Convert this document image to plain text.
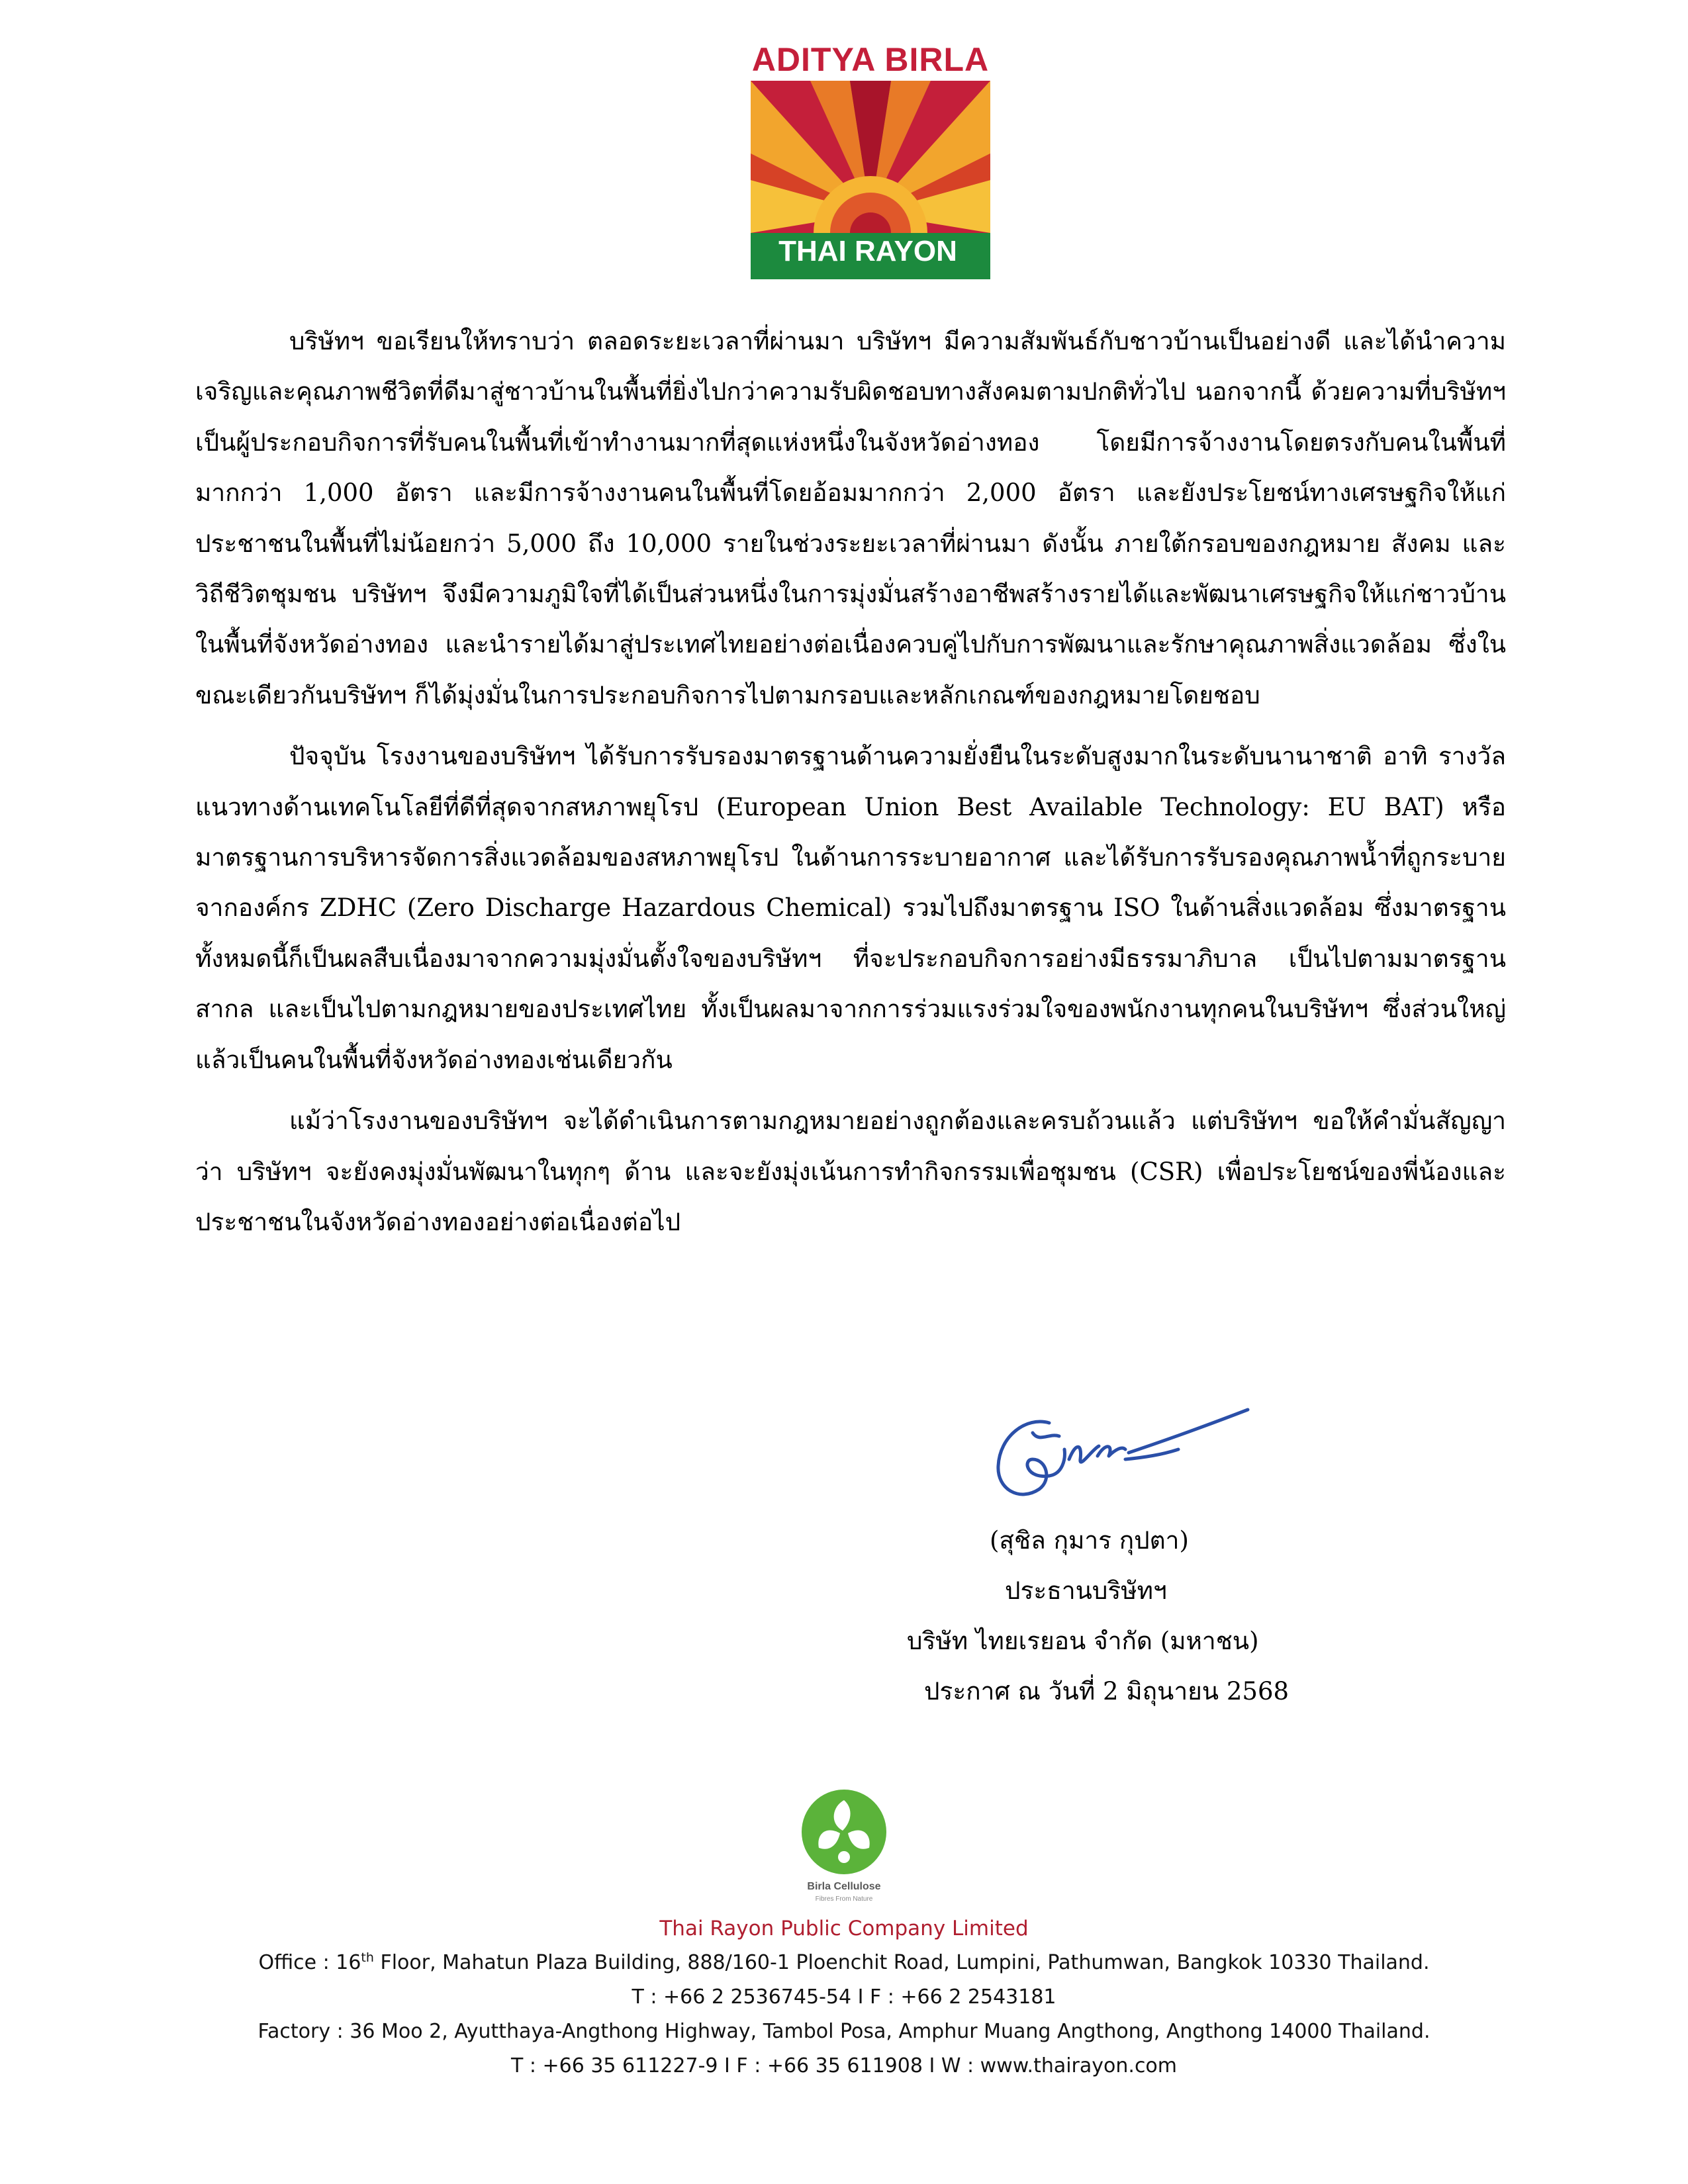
ADITYA BIRLA
THAI RAYON

บริษัทฯ ขอเรียนให้ทราบว่า ตลอดระยะเวลาที่ผ่านมา บริษัทฯ มีความสัมพันธ์กับชาวบ้านเป็นอย่างดี และได้นำความเจริญและคุณภาพชีวิตที่ดีมาสู่ชาวบ้านในพื้นที่ยิ่งไปกว่าความรับผิดชอบทางสังคมตามปกติทั่วไป นอกจากนี้ ด้วยความที่บริษัทฯ เป็นผู้ประกอบกิจการที่รับคนในพื้นที่เข้าทำงานมากที่สุดแห่งหนึ่งในจังหวัดอ่างทอง โดยมีการจ้างงานโดยตรงกับคนในพื้นที่มากกว่า 1,000 อัตรา และมีการจ้างงานคนในพื้นที่โดยอ้อมมากกว่า 2,000 อัตรา และยังประโยชน์ทางเศรษฐกิจให้แก่ประชาชนในพื้นที่ไม่น้อยกว่า 5,000 ถึง 10,000 รายในช่วงระยะเวลาที่ผ่านมา ดังนั้น ภายใต้กรอบของกฎหมาย สังคม และวิถีชีวิตชุมชน บริษัทฯ จึงมีความภูมิใจที่ได้เป็นส่วนหนึ่งในการมุ่งมั่นสร้างอาชีพสร้างรายได้และพัฒนาเศรษฐกิจให้แก่ชาวบ้านในพื้นที่จังหวัดอ่างทอง และนำรายได้มาสู่ประเทศไทยอย่างต่อเนื่องควบคู่ไปกับการพัฒนาและรักษาคุณภาพสิ่งแวดล้อม ซึ่งในขณะเดียวกันบริษัทฯ ก็ได้มุ่งมั่นในการประกอบกิจการไปตามกรอบและหลักเกณฑ์ของกฎหมายโดยชอบ

ปัจจุบัน โรงงานของบริษัทฯ ได้รับการรับรองมาตรฐานด้านความยั่งยืนในระดับสูงมากในระดับนานาชาติ อาทิ รางวัลแนวทางด้านเทคโนโลยีที่ดีที่สุดจากสหภาพยุโรป (European Union Best Available Technology: EU BAT) หรือมาตรฐานการบริหารจัดการสิ่งแวดล้อมของสหภาพยุโรป ในด้านการระบายอากาศ และได้รับการรับรองคุณภาพน้ำที่ถูกระบายจากองค์กร ZDHC (Zero Discharge Hazardous Chemical) รวมไปถึงมาตรฐาน ISO ในด้านสิ่งแวดล้อม ซึ่งมาตรฐานทั้งหมดนี้ก็เป็นผลสืบเนื่องมาจากความมุ่งมั่นตั้งใจของบริษัทฯ ที่จะประกอบกิจการอย่างมีธรรมาภิบาล เป็นไปตามมาตรฐานสากล และเป็นไปตามกฎหมายของประเทศไทย ทั้งเป็นผลมาจากการร่วมแรงร่วมใจของพนักงานทุกคนในบริษัทฯ ซึ่งส่วนใหญ่แล้วเป็นคนในพื้นที่จังหวัดอ่างทองเช่นเดียวกัน

แม้ว่าโรงงานของบริษัทฯ จะได้ดำเนินการตามกฎหมายอย่างถูกต้องและครบถ้วนแล้ว แต่บริษัทฯ ขอให้คำมั่นสัญญาว่า บริษัทฯ จะยังคงมุ่งมั่นพัฒนาในทุกๆ ด้าน และจะยังมุ่งเน้นการทำกิจกรรมเพื่อชุมชน (CSR) เพื่อประโยชน์ของพี่น้องและประชาชนในจังหวัดอ่างทองอย่างต่อเนื่องต่อไป

(สุชิล กุมาร กุปตา)
ประธานบริษัทฯ
บริษัท ไทยเรยอน จำกัด (มหาชน)
ประกาศ ณ วันที่ 2 มิถุนายน 2568
Birla Cellulose
Fibres From Nature
Thai Rayon Public Company Limited
Office : 16th Floor, Mahatun Plaza Building, 888/160-1 Ploenchit Road, Lumpini, Pathumwan, Bangkok 10330 Thailand.
T : +66 2 2536745-54 I F : +66 2 2543181
Factory : 36 Moo 2, Ayutthaya-Angthong Highway, Tambol Posa, Amphur Muang Angthong, Angthong 14000 Thailand.
T : +66 35 611227-9 I F : +66 35 611908 I W : www.thairayon.com
